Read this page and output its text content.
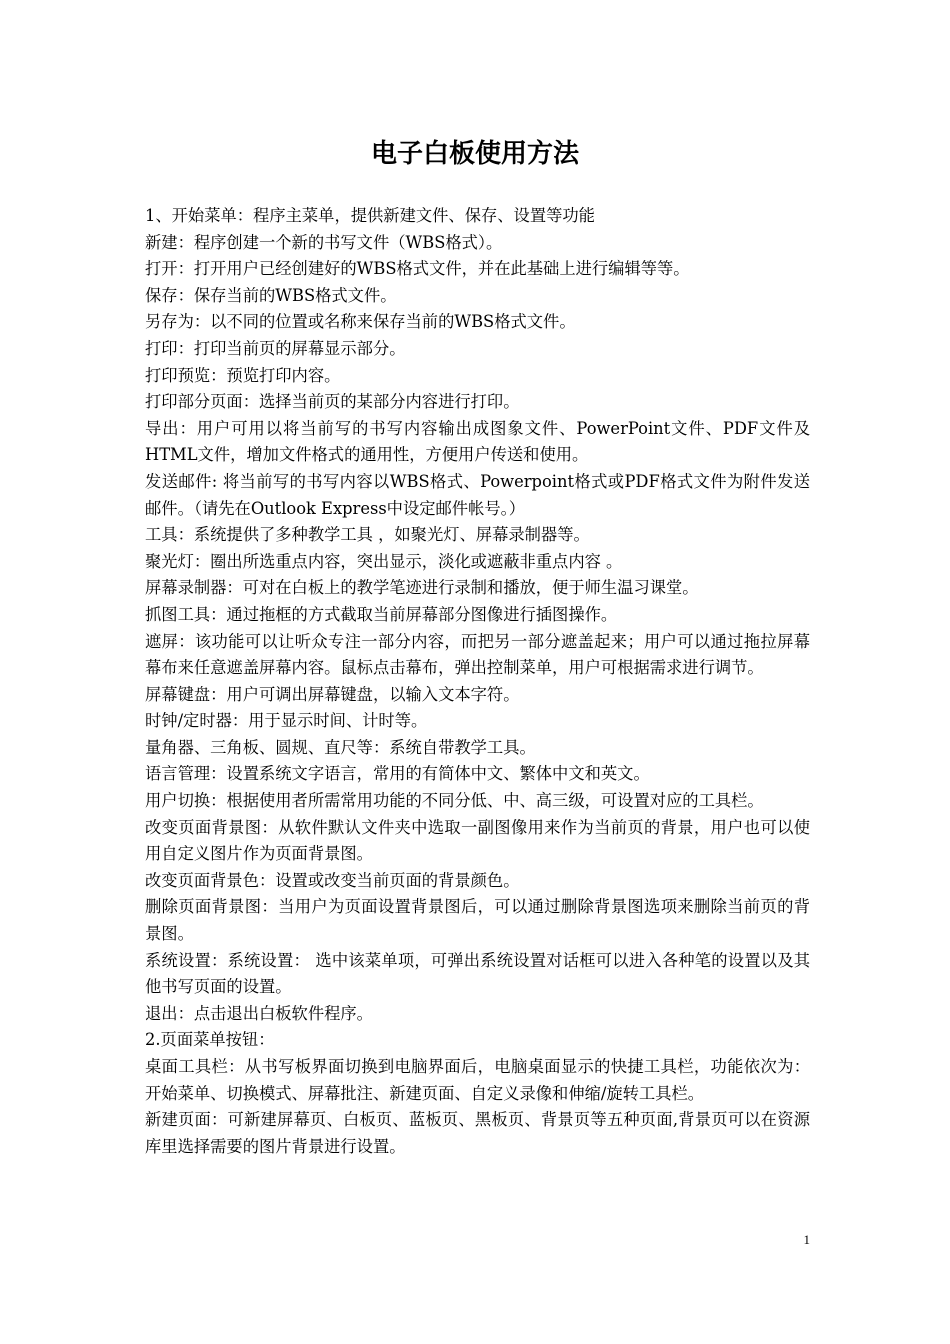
电子白板使用方法

1、开始菜单：程序主菜单，提供新建文件、保存、设置等功能

新建：程序创建一个新的书写文件（WBS格式）。

打开：打开用户已经创建好的WBS格式文件，并在此基础上进行编辑等等。

保存：保存当前的WBS格式文件。

另存为：以不同的位置或名称来保存当前的WBS格式文件。

打印：打印当前页的屏幕显示部分。

打印预览：预览打印内容。

打印部分页面：选择当前页的某部分内容进行打印。

导出：用户可用以将当前写的书写内容输出成图象文件、PowerPoint文件、PDF文件及HTML文件，增加文件格式的通用性，方便用户传送和使用。

发送邮件: 将当前写的书写内容以WBS格式、Powerpoint格式或PDF格式文件为附件发送邮件。（请先在Outlook Express中设定邮件帐号。）

工具：系统提供了多种教学工具 ，如聚光灯、屏幕录制器等。

聚光灯：圈出所选重点内容，突出显示，淡化或遮蔽非重点内容 。

屏幕录制器：可对在白板上的教学笔迹进行录制和播放，便于师生温习课堂。

抓图工具：通过拖框的方式截取当前屏幕部分图像进行插图操作。

遮屏：该功能可以让听众专注一部分内容，而把另一部分遮盖起来；用户可以通过拖拉屏幕幕布来任意遮盖屏幕内容。鼠标点击幕布，弹出控制菜单，用户可根据需求进行调节。

屏幕键盘：用户可调出屏幕键盘，以输入文本字符。

时钟/定时器：用于显示时间、计时等。

量角器、三角板、圆规、直尺等：系统自带教学工具。

语言管理：设置系统文字语言，常用的有简体中文、繁体中文和英文。

用户切换：根据使用者所需常用功能的不同分低、中、高三级，可设置对应的工具栏。

改变页面背景图：从软件默认文件夹中选取一副图像用来作为当前页的背景，用户也可以使用自定义图片作为页面背景图。

改变页面背景色：设置或改变当前页面的背景颜色。

删除页面背景图：当用户为页面设置背景图后，可以通过删除背景图选项来删除当前页的背景图。

系统设置：系统设置： 选中该菜单项，可弹出系统设置对话框可以进入各种笔的设置以及其他书写页面的设置。

退出：点击退出白板软件程序。

2.页面菜单按钮：

桌面工具栏：从书写板界面切换到电脑界面后，电脑桌面显示的快捷工具栏，功能依次为：开始菜单、切换模式、屏幕批注、新建页面、自定义录像和伸缩/旋转工具栏。

新建页面：可新建屏幕页、白板页、蓝板页、黑板页、背景页等五种页面,背景页可以在资源库里选择需要的图片背景进行设置。

1
